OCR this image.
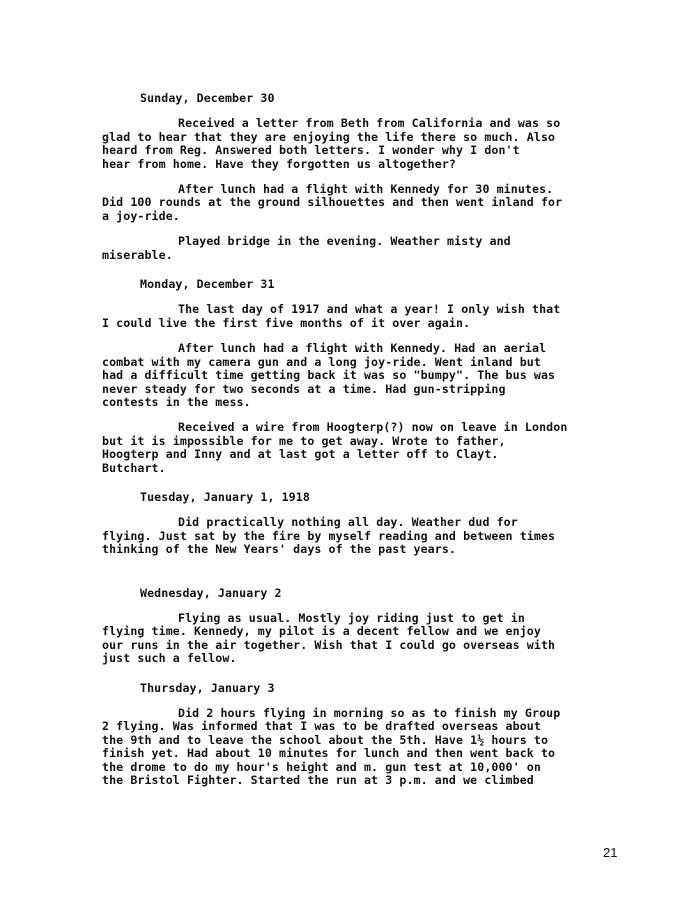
Sunday, December 30
Received a letter from Beth from California and was so
glad to hear that they are enjoying the life there so much. Also
heard from Reg. Answered both letters. I wonder why I don't
hear from home. Have they forgotten us altogether?
After lunch had a flight with Kennedy for 30 minutes.
Did 100 rounds at the ground silhouettes and then went inland for
a joy-ride.
Played bridge in the evening. Weather misty and
miserable.
Monday, December 31
The last day of 1917 and what a year! I only wish that
I could live the first five months of it over again.
After lunch had a flight with Kennedy. Had an aerial
combat with my camera gun and a long joy-ride. Went inland but
had a difficult time getting back it was so "bumpy". The bus was
never steady for two seconds at a time. Had gun-stripping
contests in the mess.
Received a wire from Hoogterp(?) now on leave in London
but it is impossible for me to get away. Wrote to father,
Hoogterp and Inny and at last got a letter off to Clayt.
Butchart.
Tuesday, January 1, 1918
Did practically nothing all day. Weather dud for
flying. Just sat by the fire by myself reading and between times
thinking of the New Years' days of the past years.
Wednesday, January 2
Flying as usual. Mostly joy riding just to get in
flying time. Kennedy, my pilot is a decent fellow and we enjoy
our runs in the air together. Wish that I could go overseas with
just such a fellow.
Thursday, January 3
Did 2 hours flying in morning so as to finish my Group
2 flying. Was informed that I was to be drafted overseas about
the 9th and to leave the school about the 5th. Have 1½ hours to
finish yet. Had about 10 minutes for lunch and then went back to
the drome to do my hour's height and m. gun test at 10,000' on
the Bristol Fighter. Started the run at 3 p.m. and we climbed
21
